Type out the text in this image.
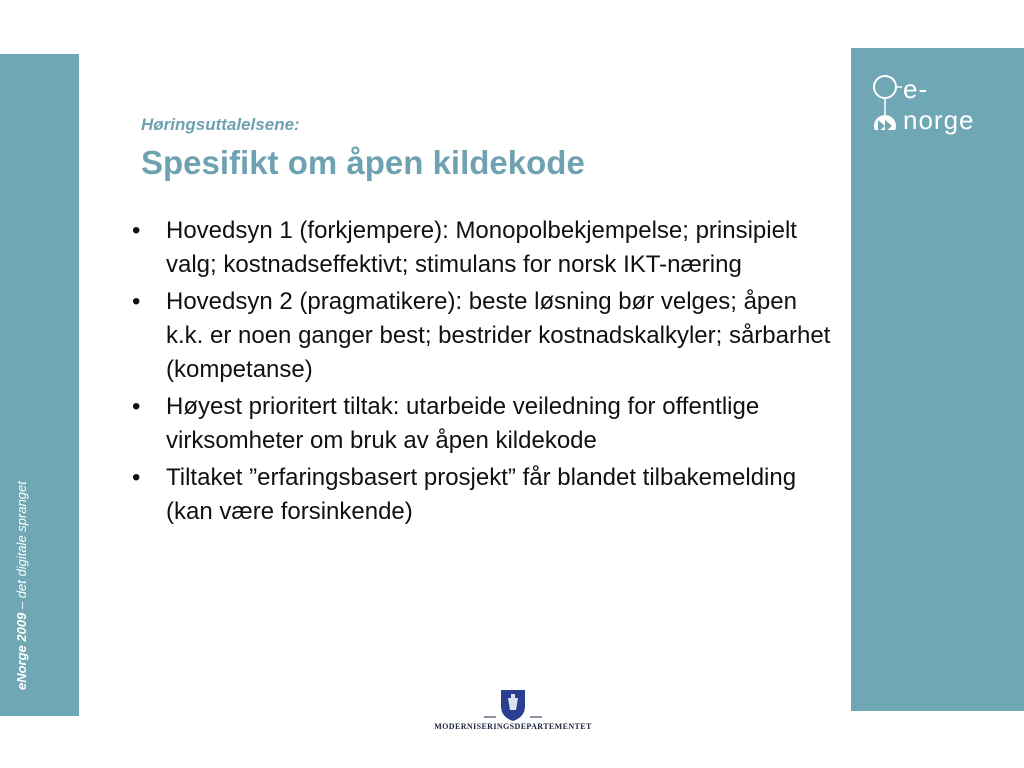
eNorge 2009 – det digitale spranget
e-norge
Høringsuttalelsene:
Spesifikt om åpen kildekode
• Hovedsyn 1 (forkjempere): Monopolbekjempelse; prinsipielt valg; kostnadseffektivt; stimulans for norsk IKT-næring
• Hovedsyn 2 (pragmatikere): beste løsning bør velges; åpen k.k. er noen ganger best; bestrider kostnadskalkyler; sårbarhet (kompetanse)
• Høyest prioritert tiltak: utarbeide veiledning for offentlige virksomheter om bruk av åpen kildekode
• Tiltaket ”erfaringsbasert prosjekt” får blandet tilbakemelding (kan være forsinkende)
MODERNISERINGSDEPARTEMENTET
